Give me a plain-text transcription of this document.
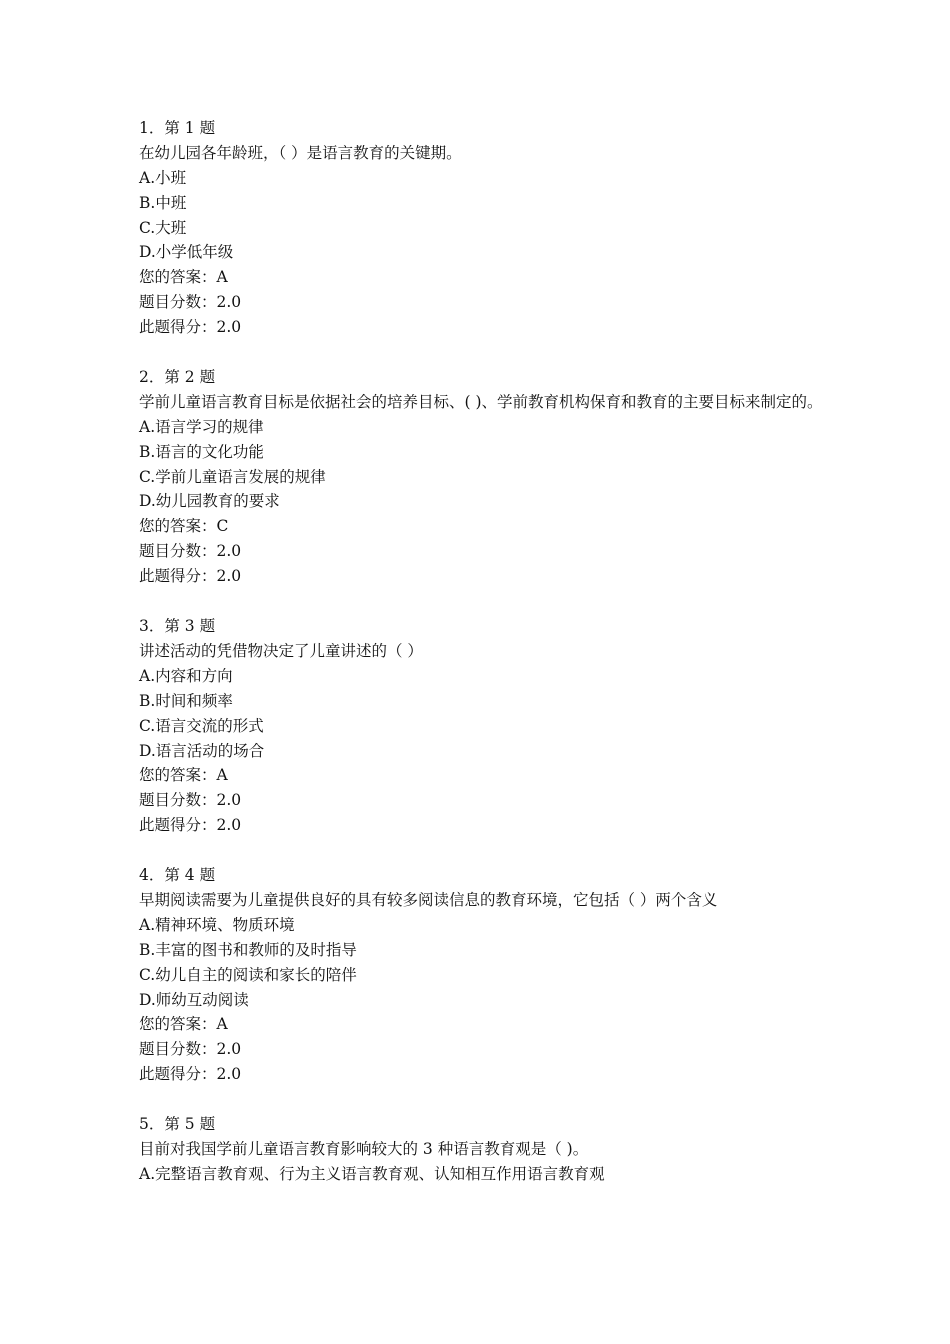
1．第 1 题
在幼儿园各年龄班，（ ）是语言教育的关键期。
A.小班
B.中班
C.大班
D.小学低年级
您的答案：A
题目分数：2.0
此题得分：2.0
2．第 2 题
学前儿童语言教育目标是依据社会的培养目标、( )、学前教育机构保育和教育的主要目标来制定的。
A.语言学习的规律
B.语言的文化功能
C.学前儿童语言发展的规律
D.幼儿园教育的要求
您的答案：C
题目分数：2.0
此题得分：2.0
3．第 3 题
讲述活动的凭借物决定了儿童讲述的（ ）
A.内容和方向
B.时间和频率
C.语言交流的形式
D.语言活动的场合
您的答案：A
题目分数：2.0
此题得分：2.0
4．第 4 题
早期阅读需要为儿童提供良好的具有较多阅读信息的教育环境，它包括（ ）两个含义
A.精神环境、物质环境
B.丰富的图书和教师的及时指导
C.幼儿自主的阅读和家长的陪伴
D.师幼互动阅读
您的答案：A
题目分数：2.0
此题得分：2.0
5．第 5 题
目前对我国学前儿童语言教育影响较大的 3 种语言教育观是（ )。
A.完整语言教育观、行为主义语言教育观、认知相互作用语言教育观
